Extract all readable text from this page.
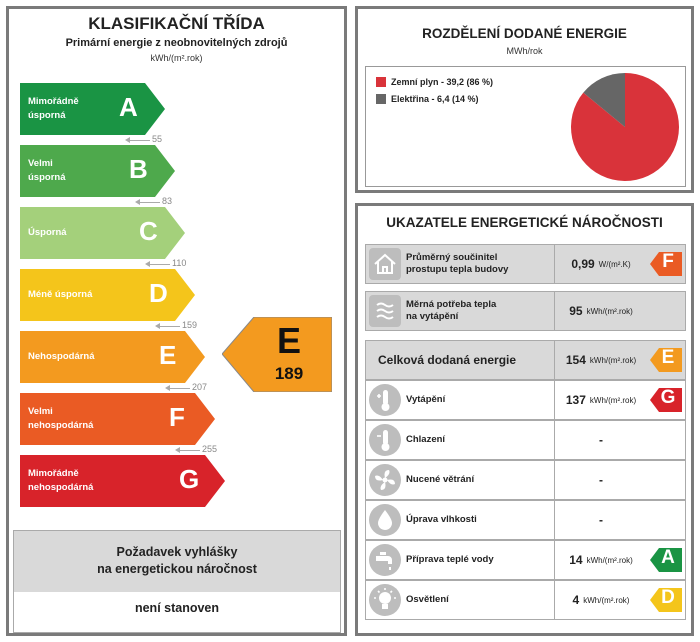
KLASIFIKAČNÍ TŘÍDA
Primární energie z neobnovitelných zdrojů
kWh/(m².rok)
Mimořádně
úsporná	A
Velmi
úsporná B
Úsporná	C
Méně úsporná D
Nehospodárná E
Velmi
nehospodárná	F
Mimořádně
nehospodárná	G
55
83
110
159
207
255
E
189
Požadavek vyhlášky
na energetickou náročnost
není stanoven
ROZDĚLENÍ DODANÉ ENERGIE
MWh/rok
Zemní plyn - 39,2 (86 %)
Elektřina - 6,4 (14 %)
UKAZATELE ENERGETICKÉ NÁROČNOSTI
Průměrný součinitel
prostupu tepla budovy	0,99 W/(m².K) F
Měrná potřeba tepla
na vytápění	95 kWh/(m².rok)
Celková dodaná energie	154 kWh/(m².rok) E
Vytápění	137 kWh/(m².rok) G
Chlazení	-
Nucené větrání	-
Úprava vlhkosti	-
Příprava teplé vody	14 kWh/(m².rok) A
Osvětlení	4 kWh/(m².rok) D
